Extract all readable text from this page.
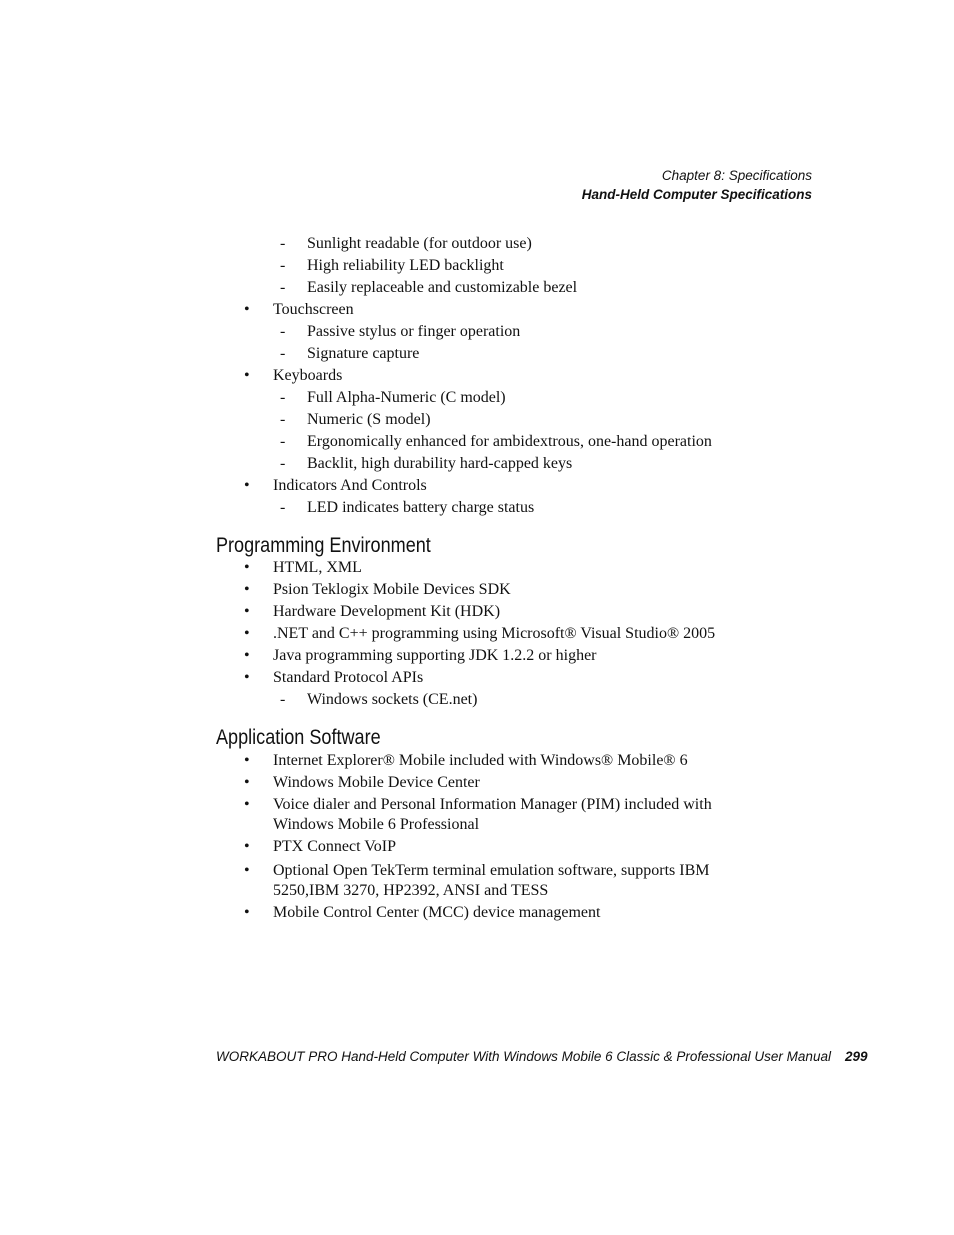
Chapter 8: Specifications
Hand-Held Computer Specifications
- Sunlight readable (for outdoor use)
- High reliability LED backlight
- Easily replaceable and customizable bezel
• Touchscreen
- Passive stylus or finger operation
- Signature capture
• Keyboards
- Full Alpha-Numeric (C model)
- Numeric (S model)
- Ergonomically enhanced for ambidextrous, one-hand operation
- Backlit, high durability hard-capped keys
• Indicators And Controls
- LED indicates battery charge status
Programming Environment
• HTML, XML
• Psion Teklogix Mobile Devices SDK
• Hardware Development Kit (HDK)
• .NET and C++ programming using Microsoft® Visual Studio® 2005
• Java programming supporting JDK 1.2.2 or higher
• Standard Protocol APIs
- Windows sockets (CE.net)
Application Software
• Internet Explorer® Mobile included with Windows® Mobile® 6
• Windows Mobile Device Center
• Voice dialer and Personal Information Manager (PIM) included with
Windows Mobile 6 Professional
• PTX Connect VoIP
• Optional Open TekTerm terminal emulation software, supports IBM
5250,IBM 3270, HP2392, ANSI and TESS
• Mobile Control Center (MCC) device management
WORKABOUT PRO Hand-Held Computer With Windows Mobile 6 Classic & Professional User Manual 299
